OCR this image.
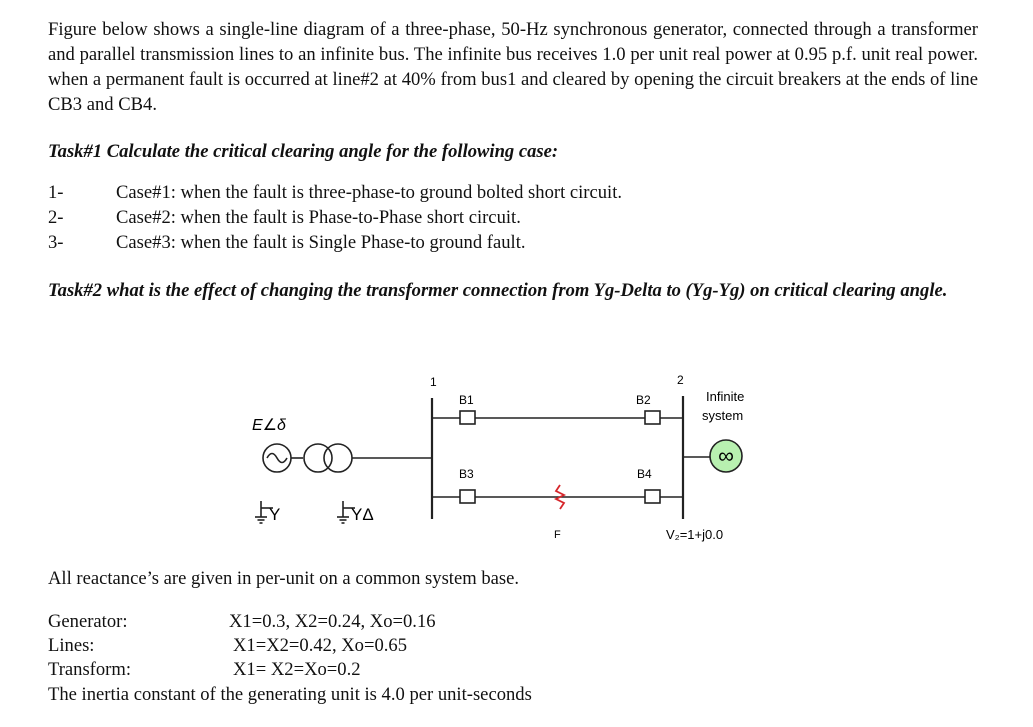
Figure below shows a single-line diagram of a three-phase, 50-Hz synchronous generator, connected through a transformer and parallel transmission lines to an infinite bus. The infinite bus receives 1.0 per unit real power at 0.95 p.f. unit real power. when a permanent fault is occurred at line#2 at 40% from bus1 and cleared by opening the circuit breakers at the ends of line CB3 and CB4.

Task#1 Calculate the critical clearing angle for the following case:

1-	Case#1: when the fault is three-phase-to ground bolted short circuit.
2-	Case#2: when the fault is Phase-to-Phase short circuit.
3-	Case#3: when the fault is Single Phase-to ground fault.

Task#2 what is the effect of changing the transformer connection from Yg-Delta to (Yg-Yg) on critical clearing angle.

∞
E∠δ
Y	YΔ
1	2
B1	B2
B3	B4
F
Infinite
system
V₂=1+j0.0

All reactance’s are given in per-unit on a common system base.

Generator:	X1=0.3, X2=0.24, Xo=0.16
Lines:	X1=X2=0.42, Xo=0.65
Transform:	X1= X2=Xo=0.2

The inertia constant of the generating unit is 4.0 per unit-seconds
